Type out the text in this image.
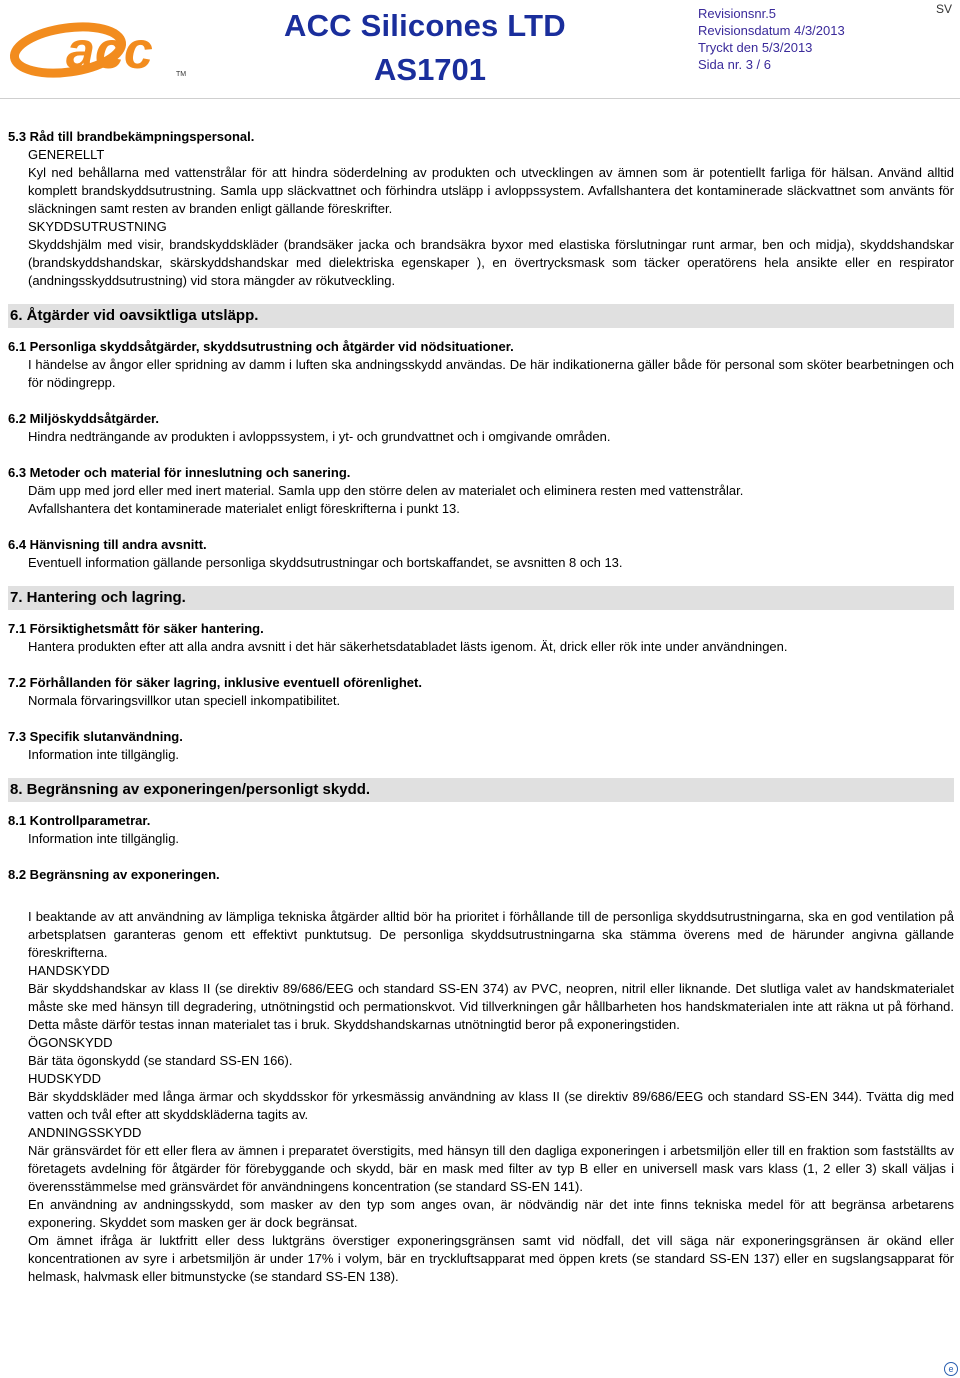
acc	TM
ACC Silicones LTD
AS1701
Revisionsnr.5
Revisionsdatum 4/3/2013
Tryckt den 5/3/2013
Sida nr. 3 / 6
SV

5.3 Råd till brandbekämpningspersonal.

GENERELLT

Kyl ned behållarna med vattenstrålar för att hindra söderdelning av produkten och utvecklingen av ämnen som är potentiellt farliga för hälsan. Använd alltid komplett brandskyddsutrustning. Samla upp släckvattnet och förhindra utsläpp i avloppssystem. Avfallshantera det kontaminerade släckvattnet som använts för släckningen samt resten av branden enligt gällande föreskrifter.

SKYDDSUTRUSTNING

Skyddshjälm med visir, brandskyddskläder (brandsäker jacka och brandsäkra byxor med elastiska förslutningar runt armar, ben och midja), skyddshandskar (brandskyddshandskar, skärskyddshandskar med dielektriska egenskaper ), en övertrycksmask som täcker operatörens hela ansikte eller en respirator (andningsskyddsutrustning) vid stora mängder av rökutveckling.

6. Åtgärder vid oavsiktliga utsläpp.

6.1 Personliga skyddsåtgärder, skyddsutrustning och åtgärder vid nödsituationer.

I händelse av ångor eller spridning av damm i luften ska andningsskydd användas. De här indikationerna gäller både för personal som sköter bearbetningen och för nödingrepp.

6.2 Miljöskyddsåtgärder.

Hindra nedträngande av produkten i avloppssystem, i yt- och grundvattnet och i omgivande områden.

6.3 Metoder och material för inneslutning och sanering.

Däm upp med jord eller med inert material. Samla upp den större delen av materialet och eliminera resten med vattenstrålar.

Avfallshantera det kontaminerade materialet enligt föreskrifterna i punkt 13.

6.4 Hänvisning till andra avsnitt.

Eventuell information gällande personliga skyddsutrustningar och bortskaffandet, se avsnitten 8 och 13.

7. Hantering och lagring.

7.1 Försiktighetsmått för säker hantering.

Hantera produkten efter att alla andra avsnitt i det här säkerhetsdatabladet lästs igenom. Ät, drick eller rök inte under användningen.

7.2 Förhållanden för säker lagring, inklusive eventuell oförenlighet.

Normala förvaringsvillkor utan speciell inkompatibilitet.

7.3 Specifik slutanvändning.

Information inte tillgänglig.

8. Begränsning av exponeringen/personligt skydd.

8.1 Kontrollparametrar.

Information inte tillgänglig.

8.2 Begränsning av exponeringen.

I beaktande av att användning av lämpliga tekniska åtgärder alltid bör ha prioritet i förhållande till de personliga skyddsutrustningarna, ska en god ventilation på arbetsplatsen garanteras genom ett effektivt punktutsug. De personliga skyddsutrustningarna ska stämma överens med de härunder angivna gällande föreskrifterna.

HANDSKYDD

Bär skyddshandskar av klass II (se direktiv 89/686/EEG och standard SS-EN 374) av PVC, neopren, nitril eller liknande. Det slutliga valet av handskmaterialet måste ske med hänsyn till degradering, utnötningstid och permationskvot. Vid tillverkningen går hållbarheten hos handskmaterialen inte att räkna ut på förhand. Detta måste därför testas innan materialet tas i bruk. Skyddshandskarnas utnötningtid beror på exponeringstiden.

ÖGONSKYDD

Bär täta ögonskydd (se standard SS-EN 166).

HUDSKYDD

Bär skyddskläder med långa ärmar och skyddsskor för yrkesmässig användning av klass II (se direktiv 89/686/EEG och standard SS-EN 344). Tvätta dig med vatten och tvål efter att skyddskläderna tagits av.

ANDNINGSSKYDD

När gränsvärdet för ett eller flera av ämnen i preparatet överstigits, med hänsyn till den dagliga exponeringen i arbetsmiljön eller till en fraktion som fastställts av företagets avdelning för åtgärder för förebyggande och skydd, bär en mask med filter av typ B eller en universell mask vars klass (1, 2 eller 3) skall väljas i överensstämmelse med gränsvärdet för användningens koncentration (se standard SS-EN 141).

En användning av andningsskydd, som masker av den typ som anges ovan, är nödvändig när det inte finns tekniska medel för att begränsa arbetarens exponering. Skyddet som masken ger är dock begränsat.

Om ämnet ifråga är luktfritt eller dess luktgräns överstiger exponeringsgränsen samt vid nödfall, det vill säga när exponeringsgränsen är okänd eller koncentrationen av syre i arbetsmiljön är under 17% i volym, bär en tryckluftsapparat med öppen krets (se standard SS-EN 137) eller en sugslangsapparat för helmask, halvmask eller bitmunstycke (se standard SS-EN 138).

e
